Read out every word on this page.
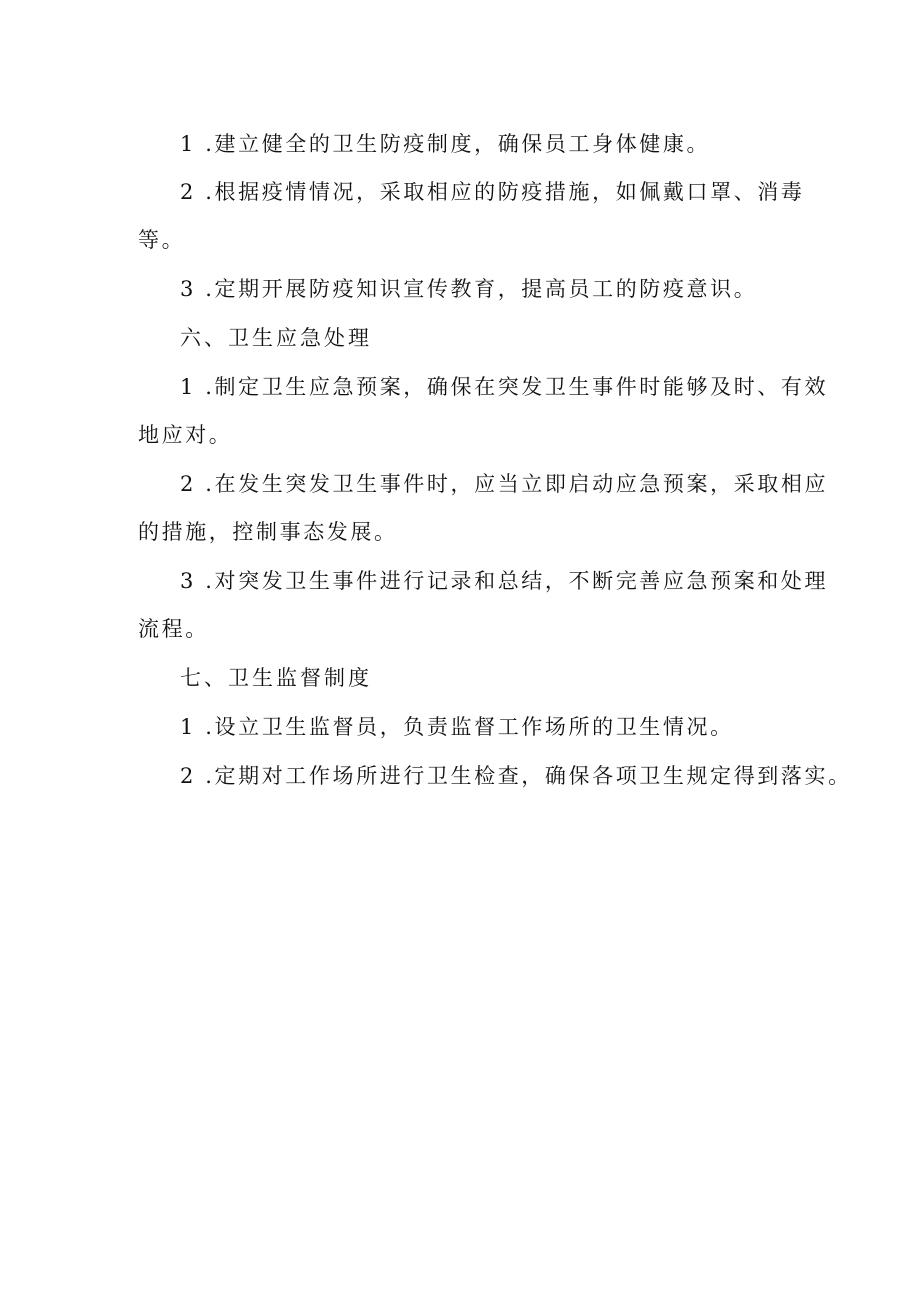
1 .建立健全的卫生防疫制度，确保员工身体健康。
2 .根据疫情情况，采取相应的防疫措施，如佩戴口罩、消毒
等。
3 .定期开展防疫知识宣传教育，提高员工的防疫意识。
六、卫生应急处理
1 .制定卫生应急预案，确保在突发卫生事件时能够及时、有效
地应对。
2 .在发生突发卫生事件时，应当立即启动应急预案，采取相应
的措施，控制事态发展。
3 .对突发卫生事件进行记录和总结，不断完善应急预案和处理
流程。
七、卫生监督制度
1 .设立卫生监督员，负责监督工作场所的卫生情况。
2 .定期对工作场所进行卫生检查，确保各项卫生规定得到落实。
